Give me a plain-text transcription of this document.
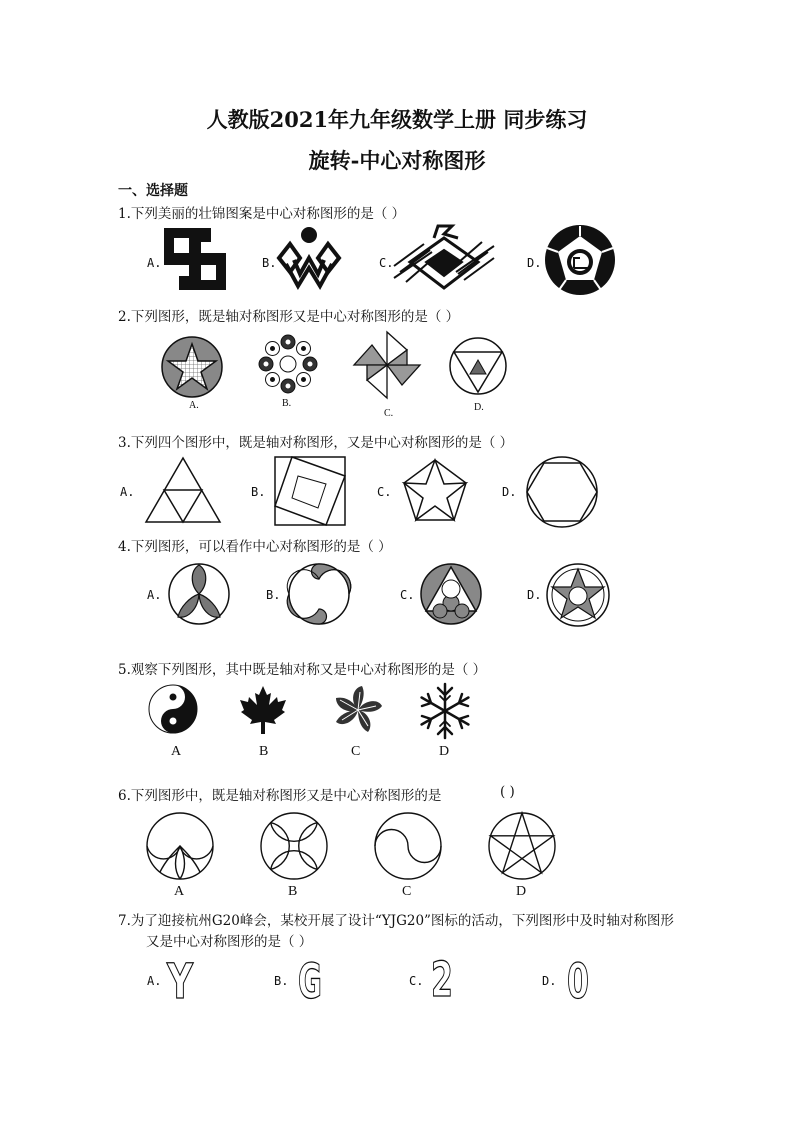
人教版2021年九年级数学上册 同步练习
旋转-中心对称图形
一、选择题
1.下列美丽的壮锦图案是中心对称图形的是（ ）
A.	B.	C.	D.
2.下列图形，既是轴对称图形又是中心对称图形的是（ ）
A.	B.
C.
D.
3.下列四个图形中，既是轴对称图形，又是中心对称图形的是（ ）
A.	B.	C.	D.
4.下列图形，可以看作中心对称图形的是（ ）
A.	B.	C.	D.
5.观察下列图形，其中既是轴对称又是中心对称图形的是（ ）
A	B	C	D
6.下列图形中，既是轴对称图形又是中心对称图形的是	( )
A	B	C	D
7.为了迎接杭州G20峰会，某校开展了设计“YJG20”图标的活动，下列图形中及时轴对称图形
又是中心对称图形的是（ ）
A.	B.	C.	D.
Y G 2 0
